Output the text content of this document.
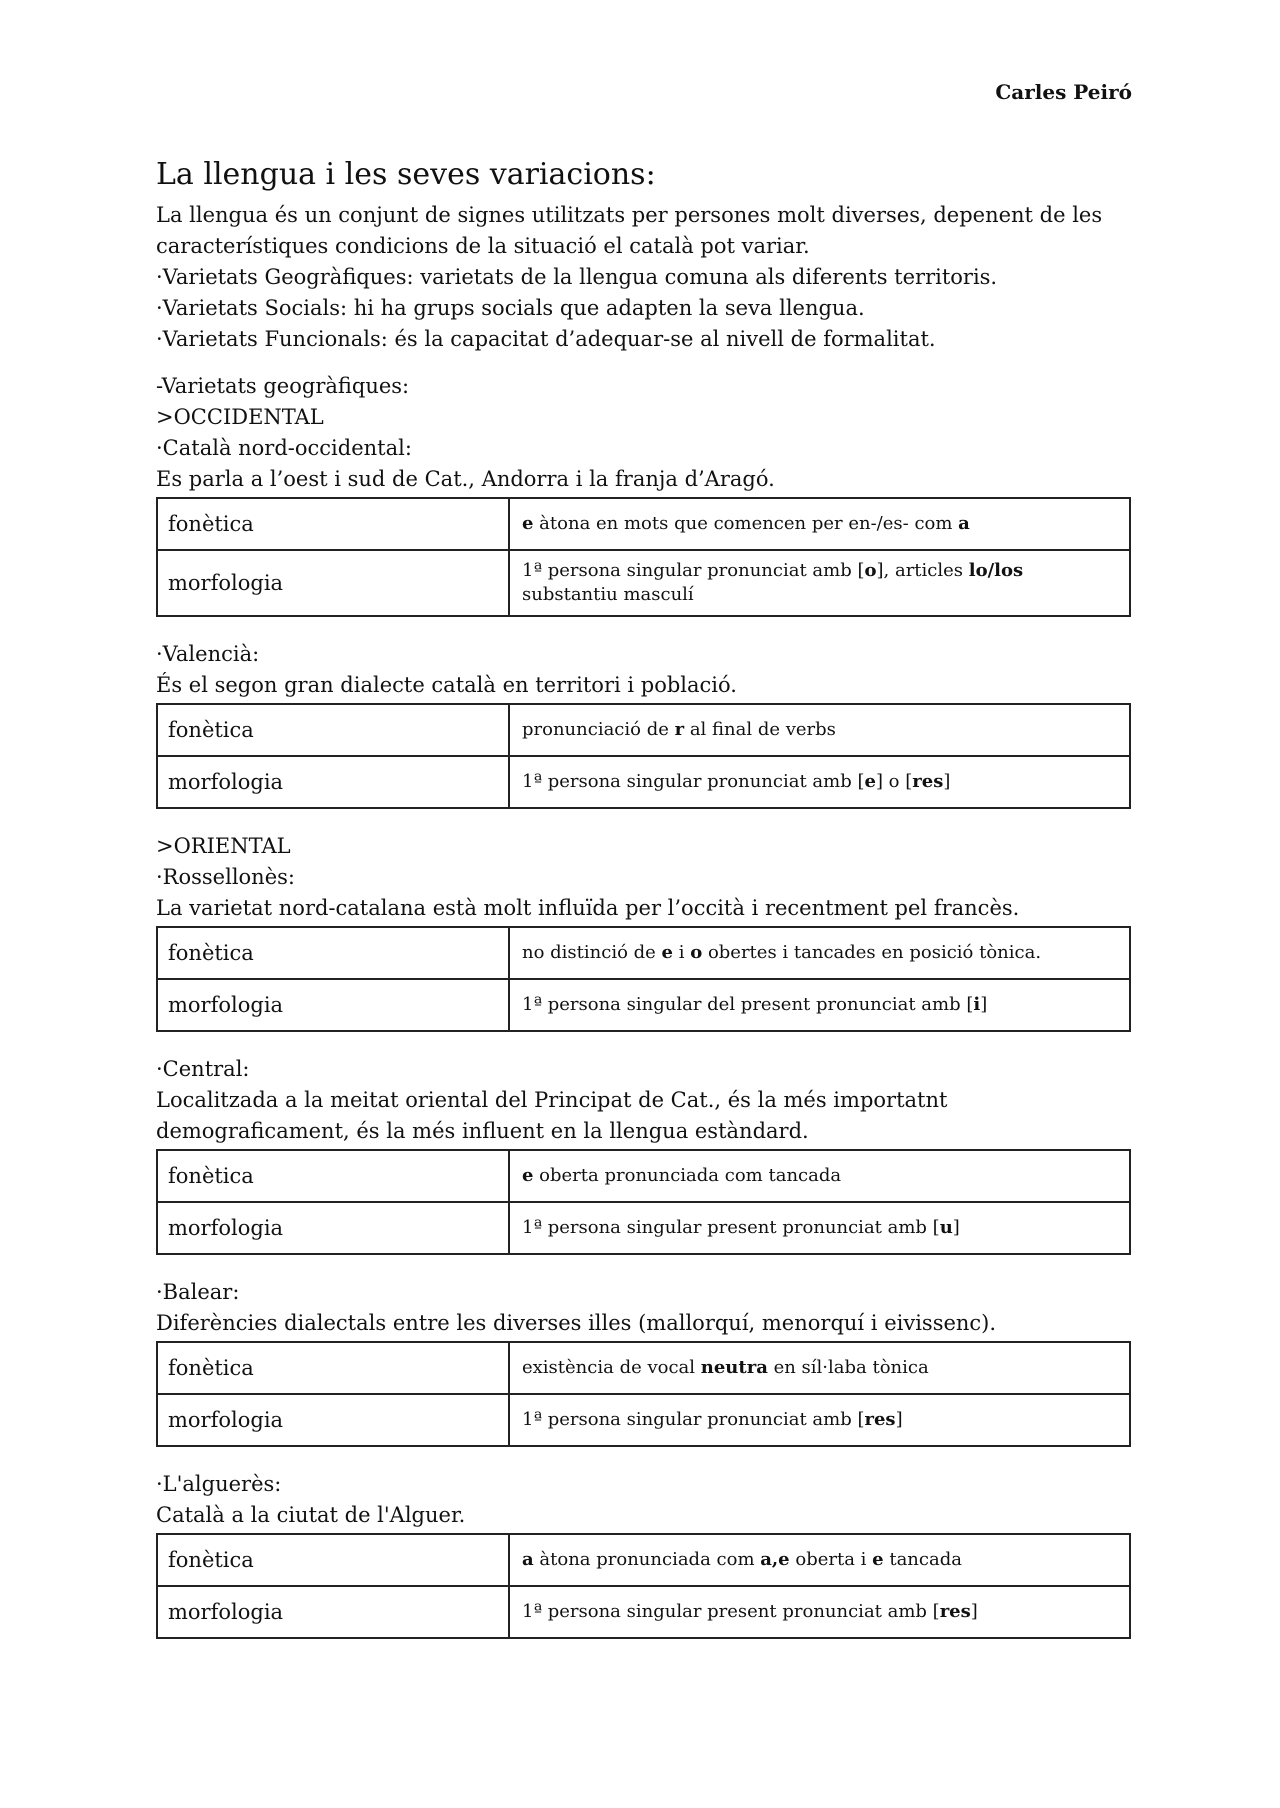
Carles Peiró
La llengua i les seves variacions:

La llengua és un conjunt de signes utilitzats per persones molt diverses, depenent de les característiques condicions de la situació el català pot variar.

·Varietats Geogràfiques: varietats de la llengua comuna als diferents territoris.

·Varietats Socials: hi ha grups socials que adapten la seva llengua.

·Varietats Funcionals: és la capacitat d’adequar-se al nivell de formalitat.

-Varietats geogràfiques:

>OCCIDENTAL

·Català nord-occidental:

Es parla a l’oest i sud de Cat., Andorra i la franja d’Aragó.

fonètica	e àtona en mots que comencen per en-/es- com a
morfologia	1ª persona singular pronunciat amb [o], articles lo/los substantiu masculí

·Valencià:

És el segon gran dialecte català en territori i població.

fonètica	pronunciació de r al final de verbs
morfologia	1ª persona singular pronunciat amb [e] o [res]

>ORIENTAL

·Rossellonès:

La varietat nord-catalana està molt influïda per l’occità i recentment pel francès.

fonètica	no distinció de e i o obertes i tancades en posició tònica.
morfologia	1ª persona singular del present pronunciat amb [i]

·Central:

Localitzada a la meitat oriental del Principat de Cat., és la més importatnt demograficament, és la més influent en la llengua estàndard.

fonètica	e oberta pronunciada com tancada
morfologia	1ª persona singular present pronunciat amb [u]

·Balear:

Diferències dialectals entre les diverses illes (mallorquí, menorquí i eivissenc).

fonètica	existència de vocal neutra en síl·laba tònica
morfologia	1ª persona singular pronunciat amb [res]

·L'alguerès:

Català a la ciutat de l'Alguer.

fonètica	a àtona pronunciada com a,e oberta i e tancada
morfologia	1ª persona singular present pronunciat amb [res]
